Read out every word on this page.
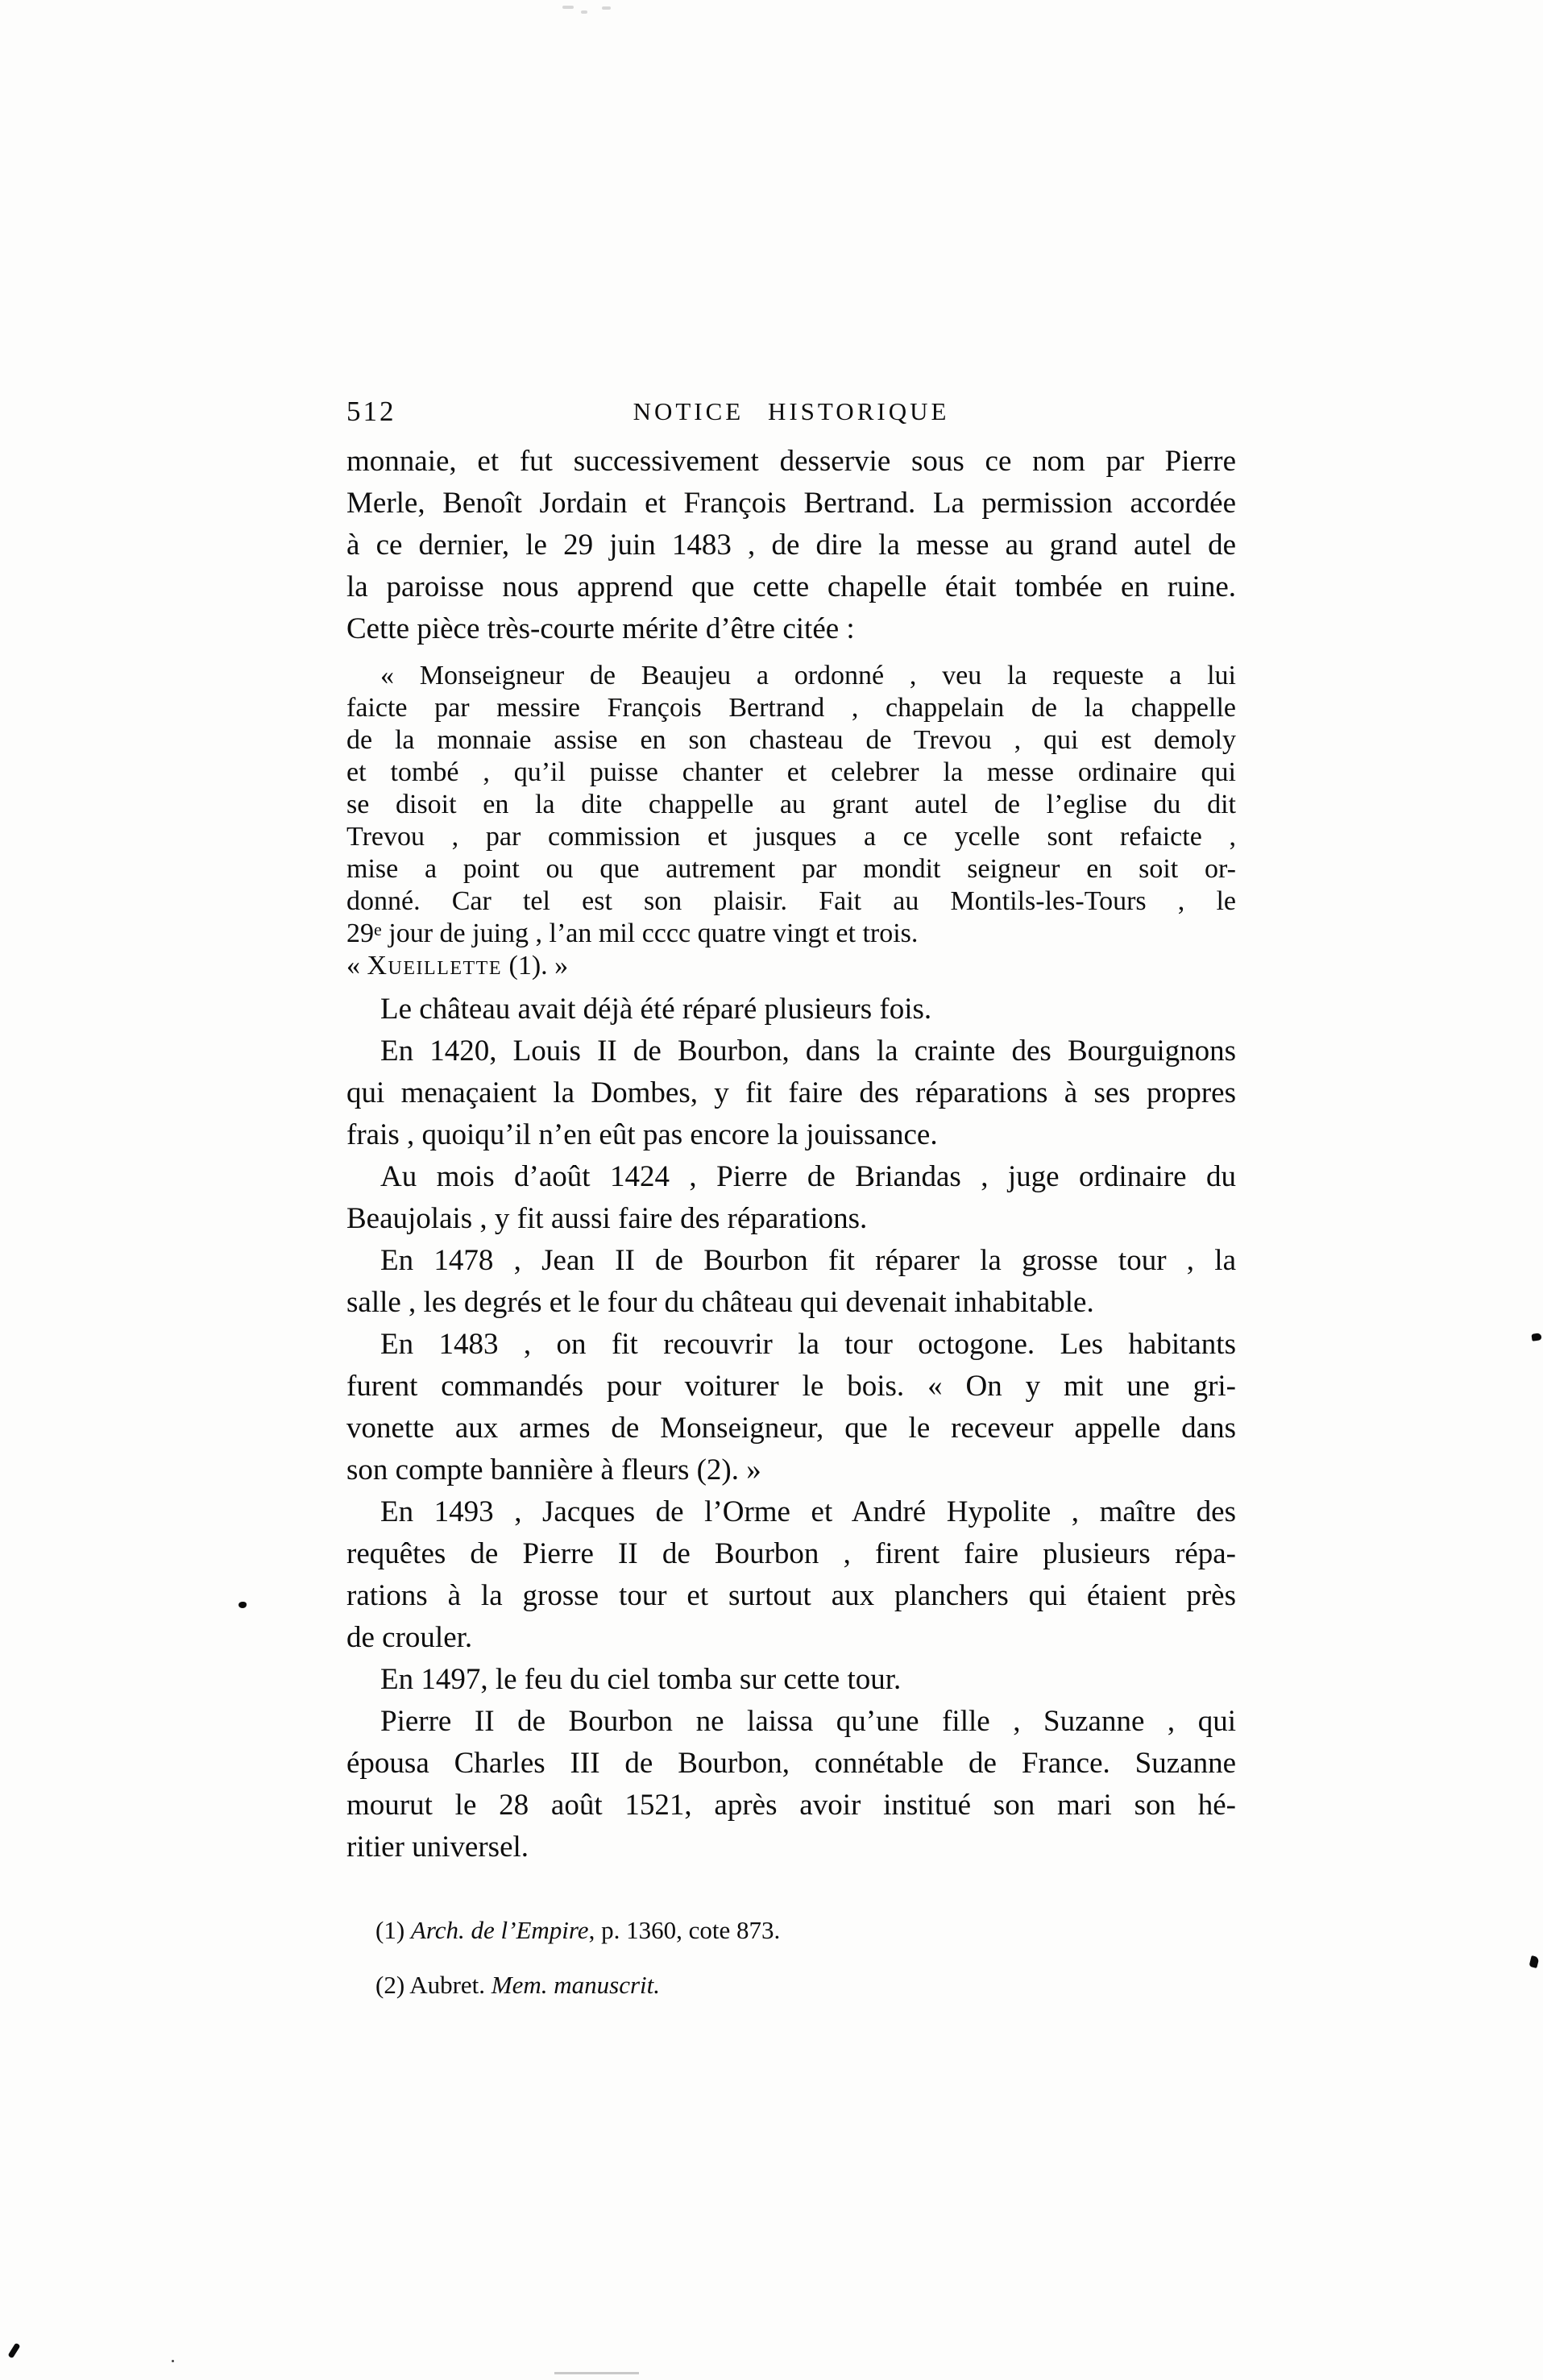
512	NOTICE HISTORIQUE
monnaie, et fut successivement desservie sous ce nom par Pierre
Merle, Benoît Jordain et François Bertrand. La permission accordée
à ce dernier, le 29 juin 1483 , de dire la messe au grand autel de
la paroisse nous apprend que cette chapelle était tombée en ruine.
Cette pièce très-courte mérite d’être citée :
« Monseigneur de Beaujeu a ordonné , veu la requeste a lui
faicte par messire François Bertrand , chappelain de la chappelle
de la monnaie assise en son chasteau de Trevou , qui est demoly
et tombé , qu’il puisse chanter et celebrer la messe ordinaire qui
se disoit en la dite chappelle au grant autel de l’eglise du dit
Trevou , par commission et jusques a ce ycelle sont refaicte ,
mise a point ou que autrement par mondit seigneur en soit or-
donné. Car tel est son plaisir. Fait au Montils-les-Tours , le
29e jour de juing , l’an mil cccc quatre vingt et trois.
« Xueillette (1). »
Le château avait déjà été réparé plusieurs fois.
En 1420, Louis II de Bourbon, dans la crainte des Bourguignons
qui menaçaient la Dombes, y fit faire des réparations à ses propres
frais , quoiqu’il n’en eût pas encore la jouissance.
Au mois d’août 1424 , Pierre de Briandas , juge ordinaire du
Beaujolais , y fit aussi faire des réparations.
En 1478 , Jean II de Bourbon fit réparer la grosse tour , la
salle , les degrés et le four du château qui devenait inhabitable.
En 1483 , on fit recouvrir la tour octogone. Les habitants
furent commandés pour voiturer le bois. « On y mit une gri-
vonette aux armes de Monseigneur, que le receveur appelle dans
son compte bannière à fleurs (2). »
En 1493 , Jacques de l’Orme et André Hypolite , maître des
requêtes de Pierre II de Bourbon , firent faire plusieurs répa-
rations à la grosse tour et surtout aux planchers qui étaient près
de crouler.
En 1497, le feu du ciel tomba sur cette tour.
Pierre II de Bourbon ne laissa qu’une fille , Suzanne , qui
épousa Charles III de Bourbon, connétable de France. Suzanne
mourut le 28 août 1521, après avoir institué son mari son hé-
ritier universel.
(1) Arch. de l’Empire, p. 1360, cote 873.
(2) Aubret. Mem. manuscrit.
